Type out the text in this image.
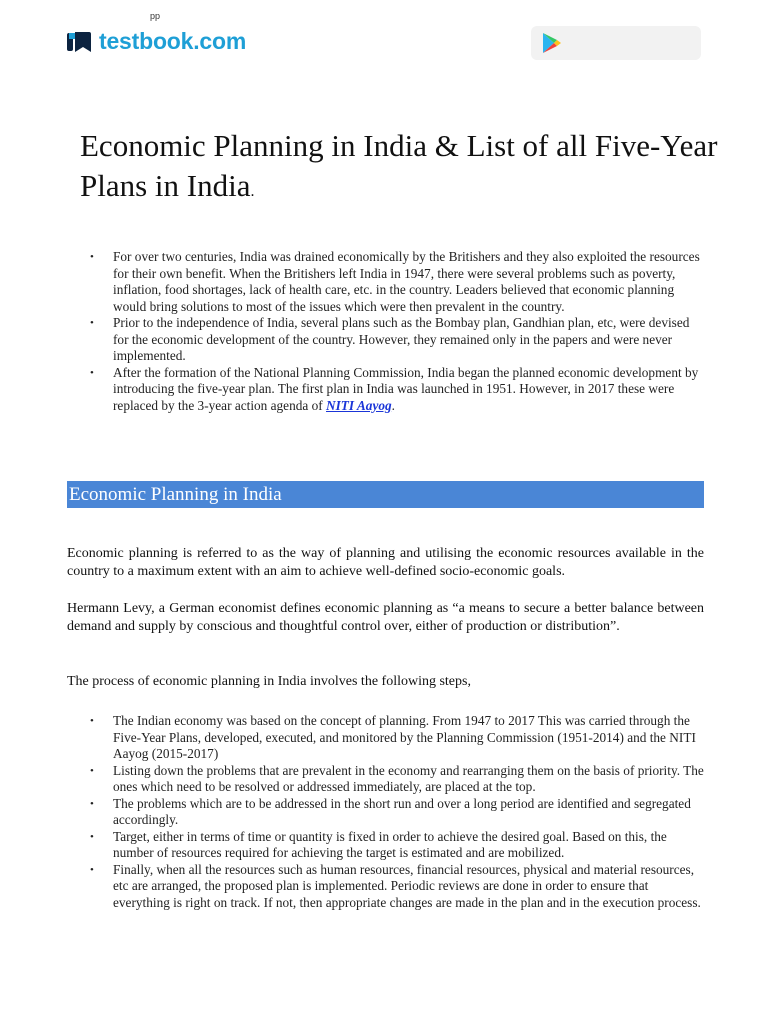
pp
testbook.com
Economic Planning in India & List of all Five-Year Plans in India.
• For over two centuries, India was drained economically by the Britishers and they also exploited the resources for their own benefit. When the Britishers left India in 1947, there were several problems such as poverty, inflation, food shortages, lack of health care, etc. in the country. Leaders believed that economic planning would bring solutions to most of the issues which were then prevalent in the country.
• Prior to the independence of India, several plans such as the Bombay plan, Gandhian plan, etc, were devised for the economic development of the country. However, they remained only in the papers and were never implemented.
• After the formation of the National Planning Commission, India began the planned economic development by introducing the five-year plan. The first plan in India was launched in 1951. However, in 2017 these were replaced by the 3-year action agenda of NITI Aayog.
Economic Planning in India

Economic planning is referred to as the way of planning and utilising the economic resources available in the country to a maximum extent with an aim to achieve well-defined socio-economic goals.

Hermann Levy, a German economist defines economic planning as “a means to secure a better balance between demand and supply by conscious and thoughtful control over, either of production or distribution”.

The process of economic planning in India involves the following steps,

• The Indian economy was based on the concept of planning. From 1947 to 2017 This was carried through the Five-Year Plans, developed, executed, and monitored by the Planning Commission (1951-2014) and the NITI Aayog (2015-2017)
• Listing down the problems that are prevalent in the economy and rearranging them on the basis of priority. The ones which need to be resolved or addressed immediately, are placed at the top.
• The problems which are to be addressed in the short run and over a long period are identified and segregated accordingly.
• Target, either in terms of time or quantity is fixed in order to achieve the desired goal. Based on this, the number of resources required for achieving the target is estimated and are mobilized.
• Finally, when all the resources such as human resources, financial resources, physical and material resources, etc are arranged, the proposed plan is implemented. Periodic reviews are done in order to ensure that everything is right on track. If not, then appropriate changes are made in the plan and in the execution process.
